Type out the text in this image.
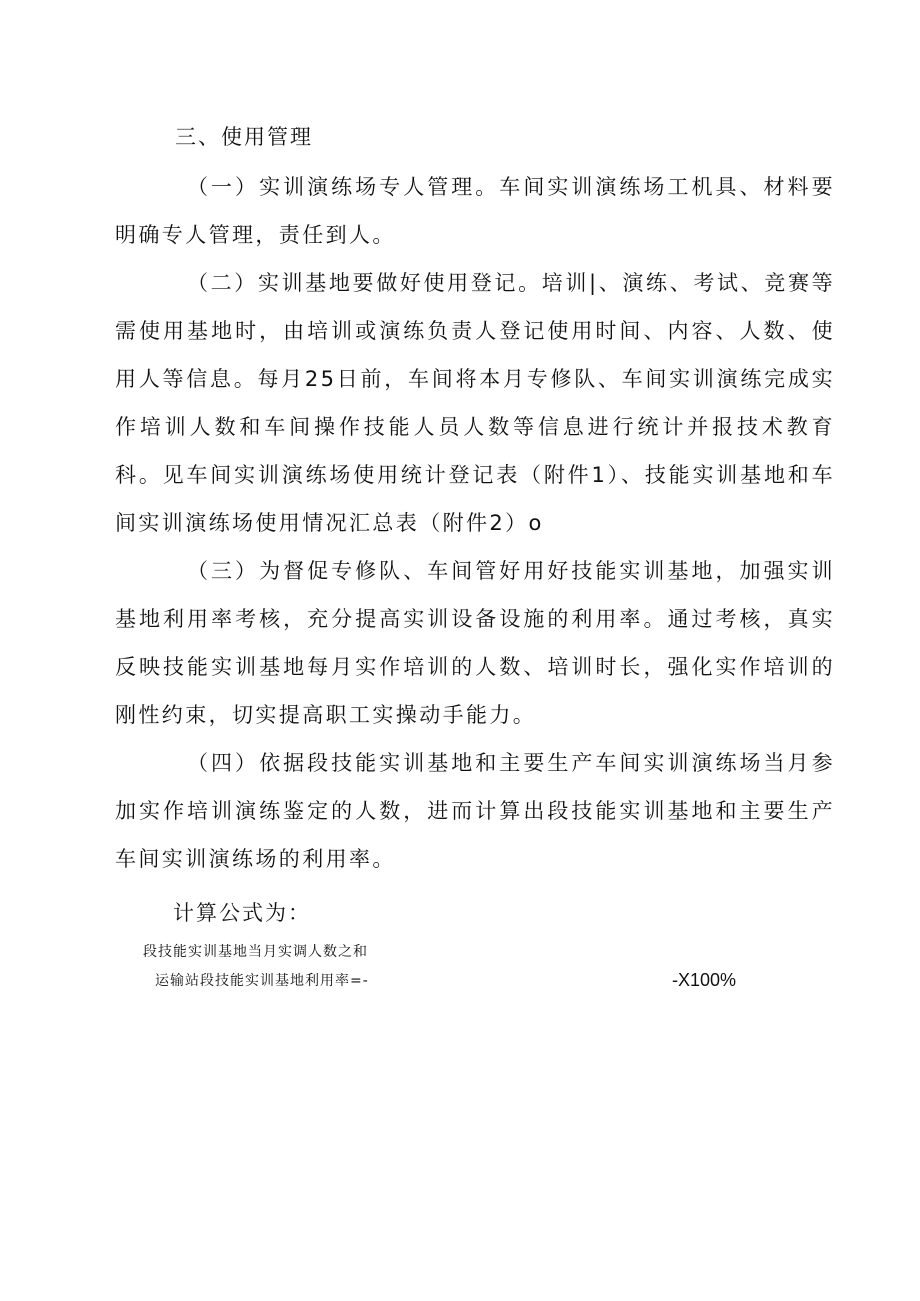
三、使用管理

（一）实训演练场专人管理。车间实训演练场工机具、材料要明确专人管理，责任到人。

（二）实训基地要做好使用登记。培训|、演练、考试、竞赛等需使用基地时，由培训或演练负责人登记使用时间、内容、人数、使用人等信息。每月25日前，车间将本月专修队、车间实训演练完成实作培训人数和车间操作技能人员人数等信息进行统计并报技术教育科。见车间实训演练场使用统计登记表（附件1）、技能实训基地和车间实训演练场使用情况汇总表（附件2）o

（三）为督促专修队、车间管好用好技能实训基地，加强实训基地利用率考核，充分提高实训设备设施的利用率。通过考核，真实反映技能实训基地每月实作培训的人数、培训时长，强化实作培训的刚性约束，切实提高职工实操动手能力。

（四）依据段技能实训基地和主要生产车间实训演练场当月参加实作培训演练鉴定的人数，进而计算出段技能实训基地和主要生产车间实训演练场的利用率。

计算公式为：
段技能实训基地当月实调人数之和
运输站段技能实训基地利用率=-	-X100%
